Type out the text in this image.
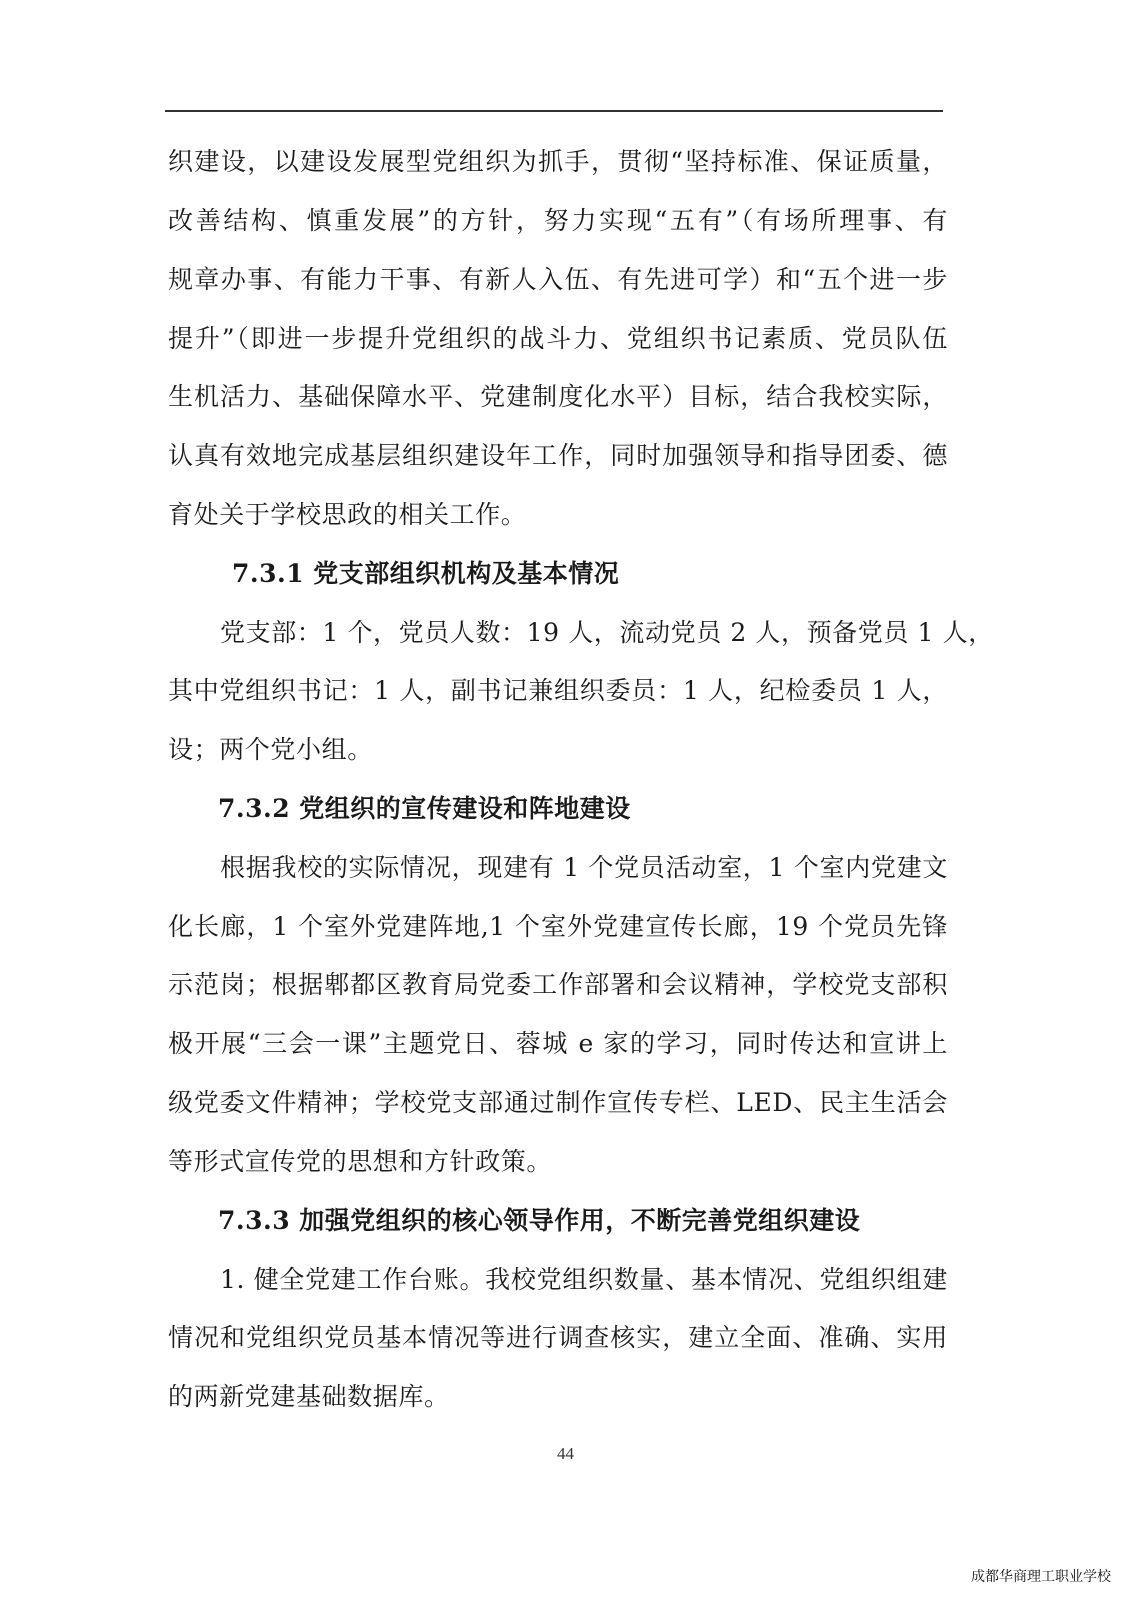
织建设，以建设发展型党组织为抓手，贯彻“坚持标准、保证质量，
改善结构、慎重发展”的方针，努力实现“五有”（有场所理事、有
规章办事、有能力干事、有新人入伍、有先进可学）和“五个进一步
提升”（即进一步提升党组织的战斗力、党组织书记素质、党员队伍
生机活力、基础保障水平、党建制度化水平）目标，结合我校实际，
认真有效地完成基层组织建设年工作，同时加强领导和指导团委、德
育处关于学校思政的相关工作。
7.3.1 党支部组织机构及基本情况
党支部：1 个，党员人数：19 人，流动党员 2 人，预备党员 1 人，
其中党组织书记：1 人，副书记兼组织委员：1 人，纪检委员 1 人，
设；两个党小组。
7.3.2 党组织的宣传建设和阵地建设
根据我校的实际情况，现建有 1 个党员活动室，1 个室内党建文
化长廊，1 个室外党建阵地,1 个室外党建宣传长廊，19 个党员先锋
示范岗；根据郫都区教育局党委工作部署和会议精神，学校党支部积
极开展“三会一课”主题党日、蓉城 e 家的学习，同时传达和宣讲上
级党委文件精神；学校党支部通过制作宣传专栏、LED、民主生活会
等形式宣传党的思想和方针政策。
7.3.3 加强党组织的核心领导作用，不断完善党组织建设
1. 健全党建工作台账。我校党组织数量、基本情况、党组织组建
情况和党组织党员基本情况等进行调查核实，建立全面、准确、实用
的两新党建基础数据库。
44
成都华商理工职业学校
